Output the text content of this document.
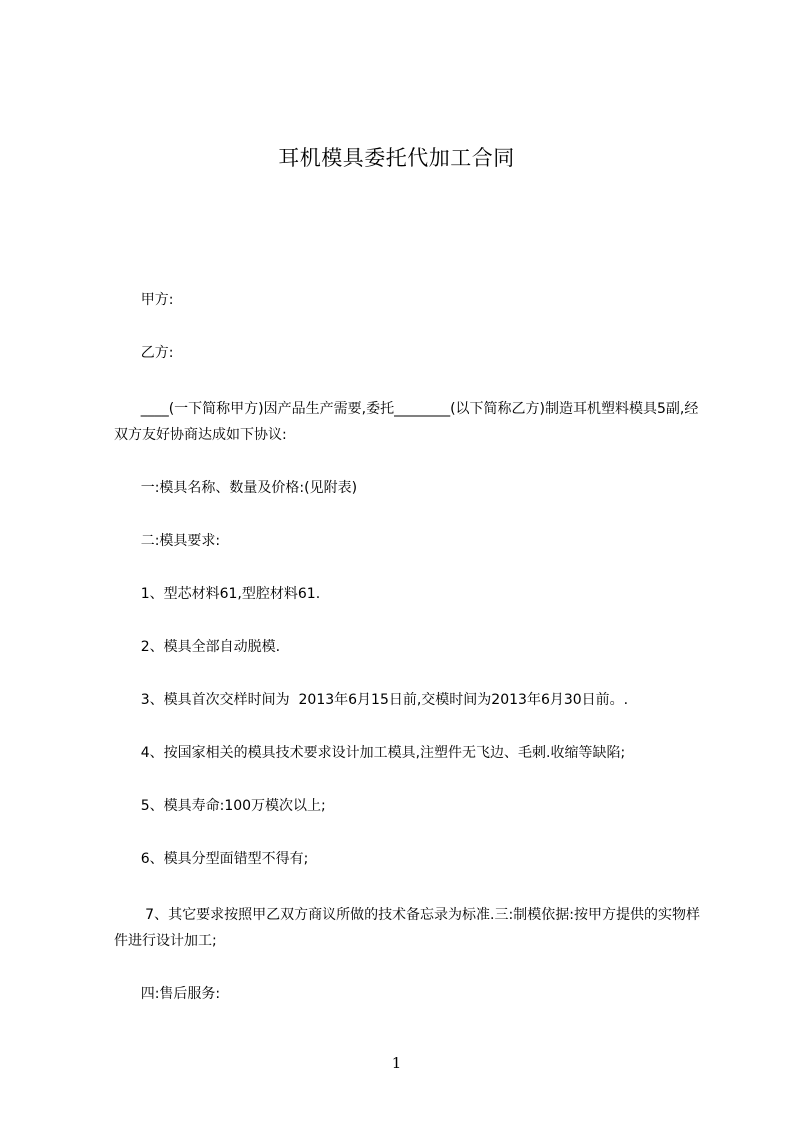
耳机模具委托代加工合同
甲方:
乙方:
____(一下简称甲方)因产品生产需要,委托________(以下简称乙方)制造耳机塑料模具5副,经双方友好协商达成如下协议:
一:模具名称、数量及价格:(见附表)
二:模具要求:
1、型芯材料61,型腔材料61.
2、模具全部自动脱模.
3、模具首次交样时间为  2013年6月15日前,交模时间为2013年6月30日前。.
4、按国家相关的模具技术要求设计加工模具,注塑件无飞边、毛刺.收缩等缺陷;
5、模具寿命:100万模次以上;
6、模具分型面错型不得有;
7、其它要求按照甲乙双方商议所做的技术备忘录为标准.三:制模依据:按甲方提供的实物样件进行设计加工;
四:售后服务:
1
